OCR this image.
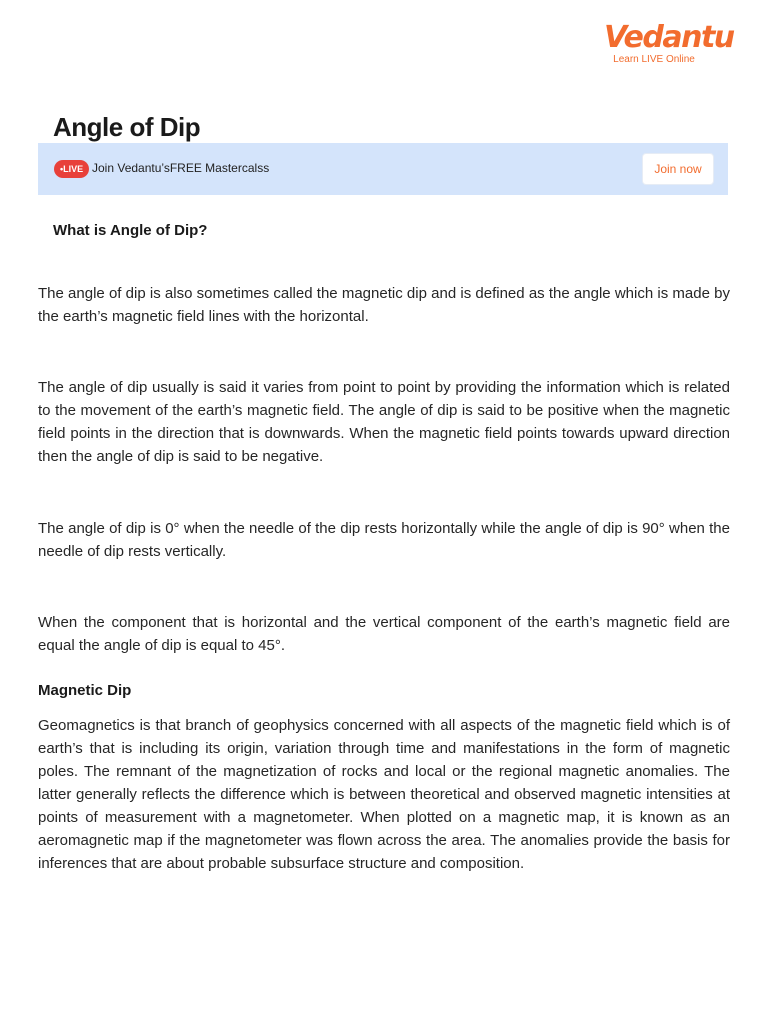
Vedantu
Learn LIVE Online
Angle of Dip
•LIVE Join Vedantu’sFREE Mastercalss	Join now
What is Angle of Dip?

The angle of dip is also sometimes called the magnetic dip and is defined as the angle which is made by the earth’s magnetic field lines with the horizontal.

The angle of dip usually is said it varies from point to point by providing the information which is related to the movement of the earth’s magnetic field. The angle of dip is said to be positive when the magnetic field points in the direction that is downwards. When the magnetic field points towards upward direction then the angle of dip is said to be negative.

The angle of dip is 0° when the needle of the dip rests horizontally while the angle of dip is 90° when the needle of dip rests vertically.

When the component that is horizontal and the vertical component of the earth’s magnetic field are equal the angle of dip is equal to 45°.

Magnetic Dip

Geomagnetics is that branch of geophysics concerned with all aspects of the magnetic field which is of earth’s that is including its origin, variation through time and manifestations in the form of magnetic poles. The remnant of the magnetization of rocks and local or the regional magnetic anomalies. The latter generally reflects the difference which is between theoretical and observed magnetic intensities at points of measurement with a magnetometer. When plotted on a magnetic map, it is known as an aeromagnetic map if the magnetometer was flown across the area. The anomalies provide the basis for inferences that are about probable subsurface structure and composition.
